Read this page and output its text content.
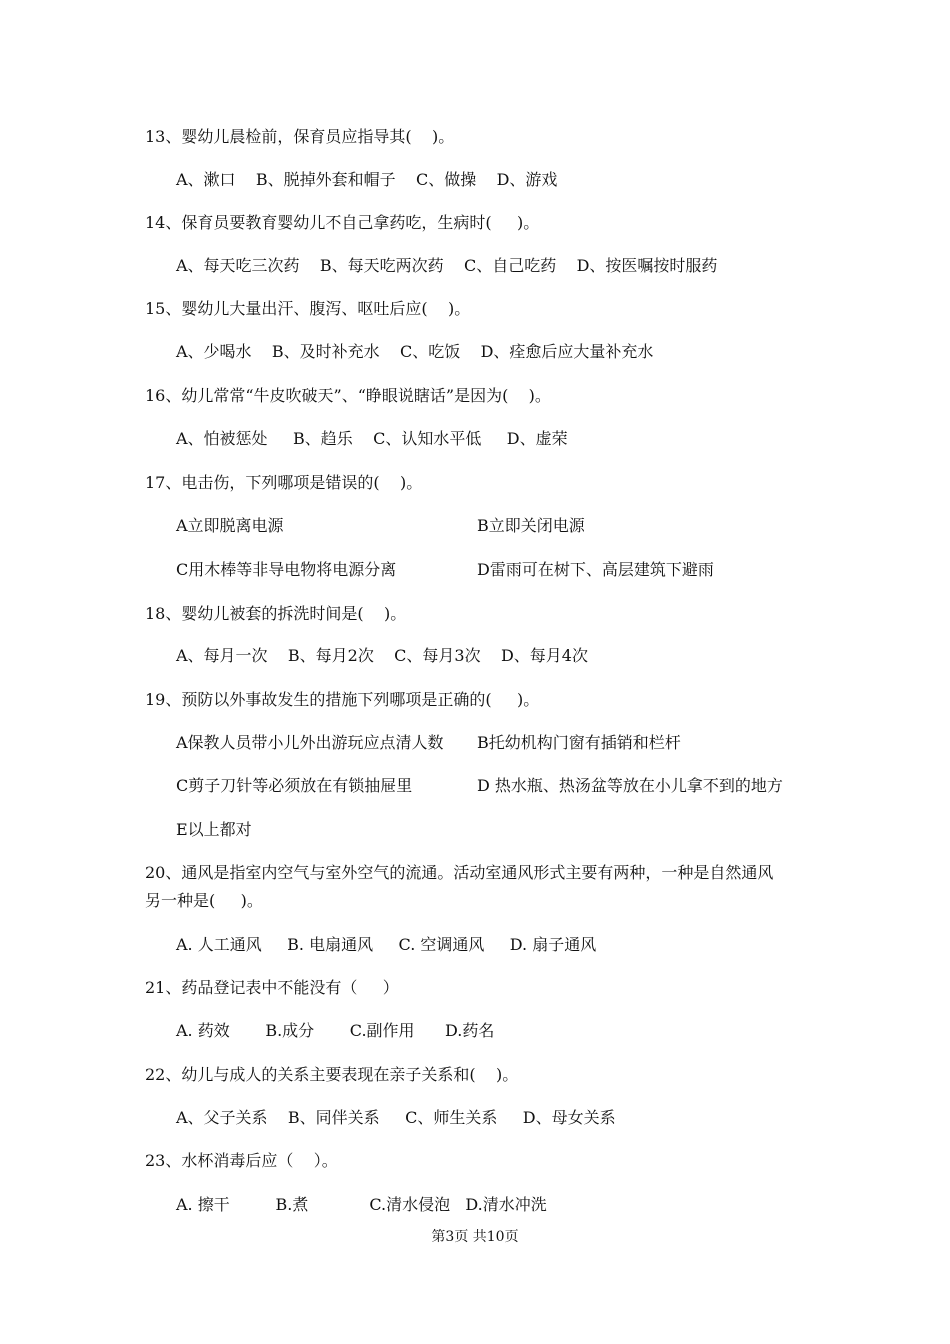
13、婴幼儿晨检前，保育员应指导其(    )。
A、漱口    B、脱掉外套和帽子    C、做操    D、游戏
14、保育员要教育婴幼儿不自己拿药吃，生病时(     )。
A、每天吃三次药    B、每天吃两次药    C、自己吃药    D、按医嘱按时服药
15、婴幼儿大量出汗、腹泻、呕吐后应(    )。
A、少喝水    B、及时补充水    C、吃饭    D、痊愈后应大量补充水
16、幼儿常常“牛皮吹破天”、“睁眼说瞎话”是因为(    )。
A、怕被惩处     B、趋乐    C、认知水平低     D、虚荣
17、电击伤，下列哪项是错误的(    )。
A立即脱离电源	B立即关闭电源
C用木棒等非导电物将电源分离	D雷雨可在树下、高层建筑下避雨
18、婴幼儿被套的拆洗时间是(    )。
A、每月一次    B、每月2次    C、每月3次    D、每月4次
19、预防以外事故发生的措施下列哪项是正确的(     )。
A保教人员带小儿外出游玩应点清人数 B托幼机构门窗有插销和栏杆
C剪子刀针等必须放在有锁抽屉里	D 热水瓶、热汤盆等放在小儿拿不到的地方
E以上都对
20、通风是指室内空气与室外空气的流通。活动室通风形式主要有两种，一种是自然通风
另一种是(     )。
A. 人工通风     B. 电扇通风     C. 空调通风     D. 扇子通风
21、药品登记表中不能没有（     ）
A. 药效       B.成分       C.副作用      D.药名
22、幼儿与成人的关系主要表现在亲子关系和(    )。
A、父子关系    B、同伴关系     C、师生关系     D、母女关系
23、水杯消毒后应（    ）。
A. 擦干         B.煮            C.清水侵泡   D.清水冲洗
第3页 共10页
